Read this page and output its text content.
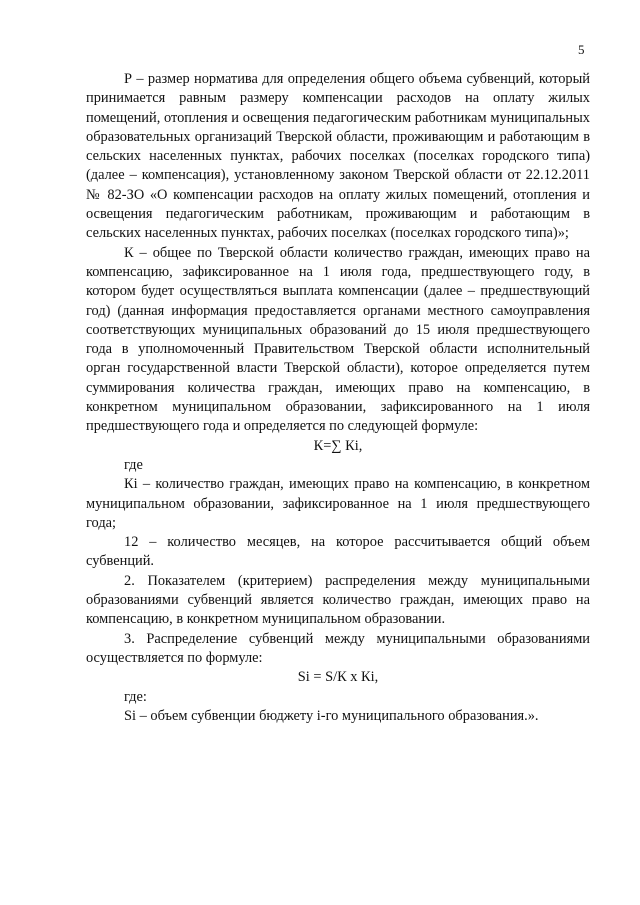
5

Р – размер норматива для определения общего объема субвенций, который принимается равным размеру компенсации расходов на оплату жилых помещений, отопления и освещения педагогическим работникам муниципальных образовательных организаций Тверской области, проживающим и работающим в сельских населенных пунктах, рабочих поселках (поселках городского типа) (далее – компенсация), установленному законом Тверской области от 22.12.2011 № 82-ЗО «О компенсации расходов на оплату жилых помещений, отопления и освещения педагогическим работникам, проживающим и работающим в сельских населенных пунктах, рабочих поселках (поселках городского типа)»;

К – общее по Тверской области количество граждан, имеющих право на компенсацию, зафиксированное на 1 июля года, предшествующего году, в котором будет осуществляться выплата компенсации (далее – предшествующий год) (данная информация предоставляется органами местного самоуправления соответствующих муниципальных образований до 15 июля предшествующего года в уполномоченный Правительством Тверской области исполнительный орган государственной власти Тверской области), которое определяется путем суммирования количества граждан, имеющих право на компенсацию, в конкретном муниципальном образовании, зафиксированного на 1 июля предшествующего года и определяется по следующей формуле:

К=∑ Кi,

где

Кi – количество граждан, имеющих право на компенсацию, в конкретном муниципальном образовании, зафиксированное на 1 июля предшествующего года;

12 – количество месяцев, на которое рассчитывается общий объем субвенций.

2. Показателем (критерием) распределения между муниципальными образованиями субвенций является количество граждан, имеющих право на компенсацию, в конкретном муниципальном образовании.

3. Распределение субвенций между муниципальными образованиями осуществляется по формуле:

Si = S/К x Кi,

где:

Si – объем субвенции бюджету i-го муниципального образования.».
